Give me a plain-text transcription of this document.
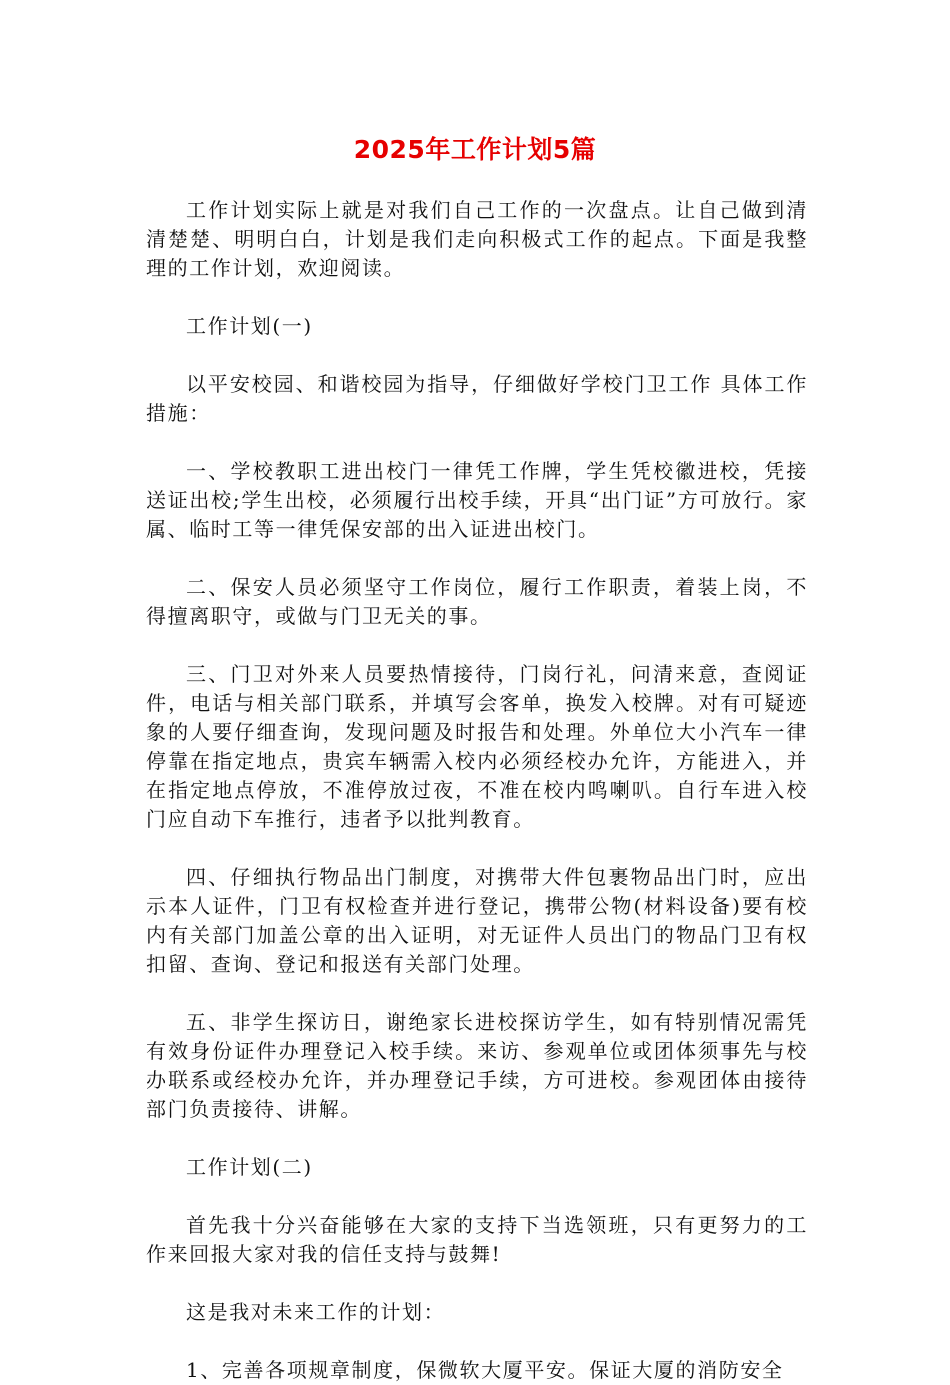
2025年工作计划5篇

工作计划实际上就是对我们自己工作的一次盘点。让自己做到清清楚楚、明明白白，计划是我们走向积极式工作的起点。下面是我整理的工作计划，欢迎阅读。

工作计划(一)

以平安校园、和谐校园为指导，仔细做好学校门卫工作 具体工作措施：

一、学校教职工进出校门一律凭工作牌，学生凭校徽进校，凭接送证出校;学生出校，必须履行出校手续，开具“出门证”方可放行。家属、临时工等一律凭保安部的出入证进出校门。

二、保安人员必须坚守工作岗位，履行工作职责，着装上岗，不得擅离职守，或做与门卫无关的事。

三、门卫对外来人员要热情接待，门岗行礼，问清来意，查阅证件，电话与相关部门联系，并填写会客单，换发入校牌。对有可疑迹象的人要仔细查询，发现问题及时报告和处理。外单位大小汽车一律停靠在指定地点，贵宾车辆需入校内必须经校办允许，方能进入，并在指定地点停放，不准停放过夜，不准在校内鸣喇叭。自行车进入校门应自动下车推行，违者予以批判教育。

四、仔细执行物品出门制度，对携带大件包裹物品出门时，应出示本人证件，门卫有权检查并进行登记，携带公物(材料设备)要有校内有关部门加盖公章的出入证明，对无证件人员出门的物品门卫有权扣留、查询、登记和报送有关部门处理。

五、非学生探访日，谢绝家长进校探访学生，如有特别情况需凭有效身份证件办理登记入校手续。来访、参观单位或团体须事先与校办联系或经校办允许，并办理登记手续，方可进校。参观团体由接待部门负责接待、讲解。

工作计划(二)

首先我十分兴奋能够在大家的支持下当选领班，只有更努力的工作来回报大家对我的信任支持与鼓舞!

这是我对未来工作的计划：

1、完善各项规章制度，保微软大厦平安。保证大厦的消防安全
